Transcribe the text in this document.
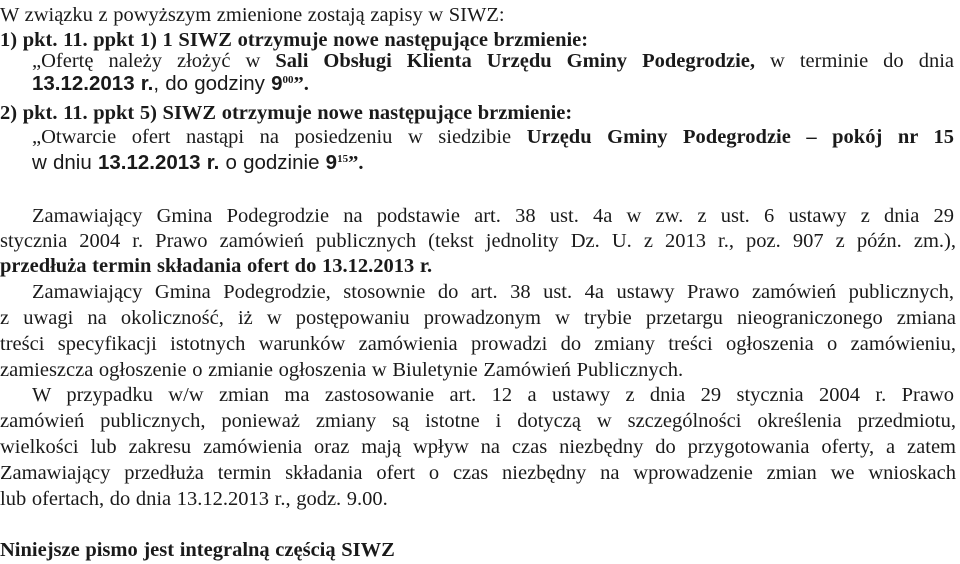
W związku z powyższym zmienione zostają zapisy w SIWZ:
1) pkt. 11. ppkt 1) 1 SIWZ otrzymuje nowe następujące brzmienie:
„Ofertę należy złożyć w Sali Obsługi Klienta Urzędu Gminy Podegrodzie, w terminie do dnia
13.12.2013 r., do godziny $9^{00}$”.
2) pkt. 11. ppkt 5) SIWZ otrzymuje nowe następujące brzmienie:
„Otwarcie ofert nastąpi na posiedzeniu w siedzibie Urzędu Gminy Podegrodzie – pokój nr 15
w dniu 13.12.2013 r. o godzinie $9^{15}$”.
Zamawiający Gmina Podegrodzie na podstawie art. 38 ust. 4a w zw. z ust. 6 ustawy z dnia 29
stycznia 2004 r. Prawo zamówień publicznych (tekst jednolity Dz. U. z 2013 r., poz. 907 z późn. zm.),
przedłuża termin składania ofert do 13.12.2013 r.
Zamawiający Gmina Podegrodzie, stosownie do art. 38 ust. 4a ustawy Prawo zamówień publicznych,
z uwagi na okoliczność, iż w postępowaniu prowadzonym w trybie przetargu nieograniczonego zmiana
treści specyfikacji istotnych warunków zamówienia prowadzi do zmiany treści ogłoszenia o zamówieniu,
zamieszcza ogłoszenie o zmianie ogłoszenia w Biuletynie Zamówień Publicznych.
W przypadku w/w zmian ma zastosowanie art. 12 a ustawy z dnia 29 stycznia 2004 r. Prawo
zamówień publicznych, ponieważ zmiany są istotne i dotyczą w szczególności określenia przedmiotu,
wielkości lub zakresu zamówienia oraz mają wpływ na czas niezbędny do przygotowania oferty, a zatem
Zamawiający przedłuża termin składania ofert o czas niezbędny na wprowadzenie zmian we wnioskach
lub ofertach, do dnia 13.12.2013 r., godz. 9.00.
Niniejsze pismo jest integralną częścią SIWZ
